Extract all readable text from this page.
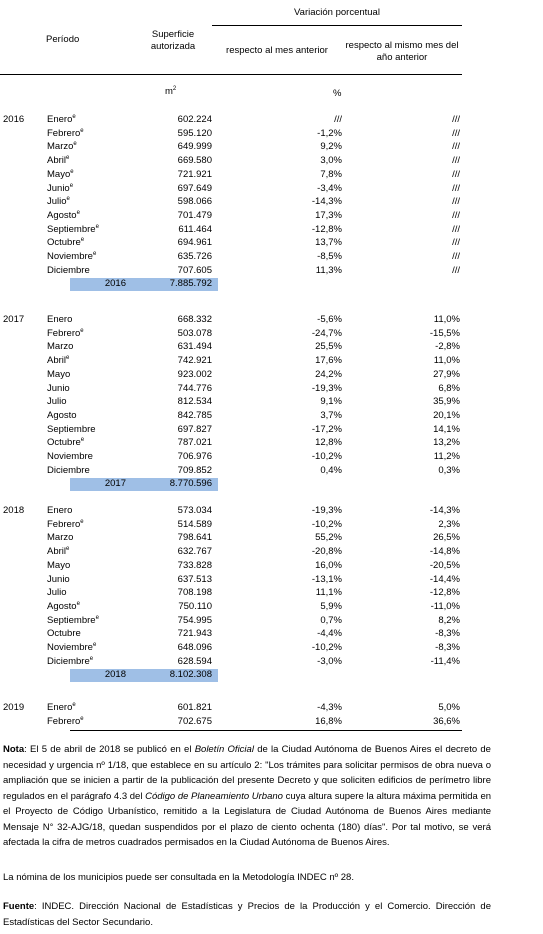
Variación porcentual
Período	Superficie autorizada	respecto al mes anterior	respecto al mismo mes del año anterior
$m^2$	%
2016 Enero$^e$	602.224	///	///
Febrero$^e$	595.120	-1,2%	///
Marzo$^e$	649.999	9,2%	///
Abril$^e$	669.580	3,0%	///
Mayo$^e$	721.921	7,8%	///
Junio$^e$	697.649	-3,4%	///
Julio$^e$	598.066	-14,3%	///
Agosto$^e$	701.479	17,3%	///
Septiembre$^e$	611.464	-12,8%	///
Octubre$^e$	694.961	13,7%	///
Noviembre$^e$	635.726	-8,5%	///
Diciembre	707.605	11,3%	///
2016	7.885.792
2017 Enero	668.332	-5,6%	11,0%
Febrero$^e$	503.078	-24,7%	-15,5%
Marzo	631.494	25,5%	-2,8%
Abril$^e$	742.921	17,6%	11,0%
Mayo	923.002	24,2%	27,9%
Junio	744.776	-19,3%	6,8%
Julio	812.534	9,1%	35,9%
Agosto	842.785	3,7%	20,1%
Septiembre	697.827	-17,2%	14,1%
Octubre$^e$	787.021	12,8%	13,2%
Noviembre	706.976	-10,2%	11,2%
Diciembre	709.852	0,4%	0,3%
2017	8.770.596
2018 Enero	573.034	-19,3%	-14,3%
Febrero$^e$	514.589	-10,2%	2,3%
Marzo	798.641	55,2%	26,5%
Abril$^e$	632.767	-20,8%	-14,8%
Mayo	733.828	16,0%	-20,5%
Junio	637.513	-13,1%	-14,4%
Julio	708.198	11,1%	-12,8%
Agosto$^e$	750.110	5,9%	-11,0%
Septiembre$^e$	754.995	0,7%	8,2%
Octubre	721.943	-4,4%	-8,3%
Noviembre$^e$	648.096	-10,2%	-8,3%
Diciembre$^e$	628.594	-3,0%	-11,4%
2018	8.102.308
2019 Enero$^e$	601.821	-4,3%	5,0%
Febrero$^e$	702.675	16,8%	36,6%
Nota: El 5 de abril de 2018 se publicó en el Boletín Oficial de la Ciudad Autónoma de Buenos Aires el decreto de necesidad y urgencia nº 1/18, que establece en su artículo 2: "Los trámites para solicitar permisos de obra nueva o ampliación que se inicien a partir de la publicación del presente Decreto y que soliciten edificios de perímetro libre regulados en el parágrafo 4.3 del Código de Planeamiento Urbano cuya altura supere la altura máxima permitida en el Proyecto de Código Urbanístico, remitido a la Legislatura de Ciudad Autónoma de Buenos Aires mediante Mensaje N° 32-AJG/18, quedan suspendidos por el plazo de ciento ochenta (180) días". Por tal motivo, se verá afectada la cifra de metros cuadrados permisados en la Ciudad Autónoma de Buenos Aires.
La nómina de los municipios puede ser consultada en la Metodología INDEC nº 28.
Fuente: INDEC. Dirección Nacional de Estadísticas y Precios de la Producción y el Comercio. Dirección de Estadísticas del Sector Secundario.
